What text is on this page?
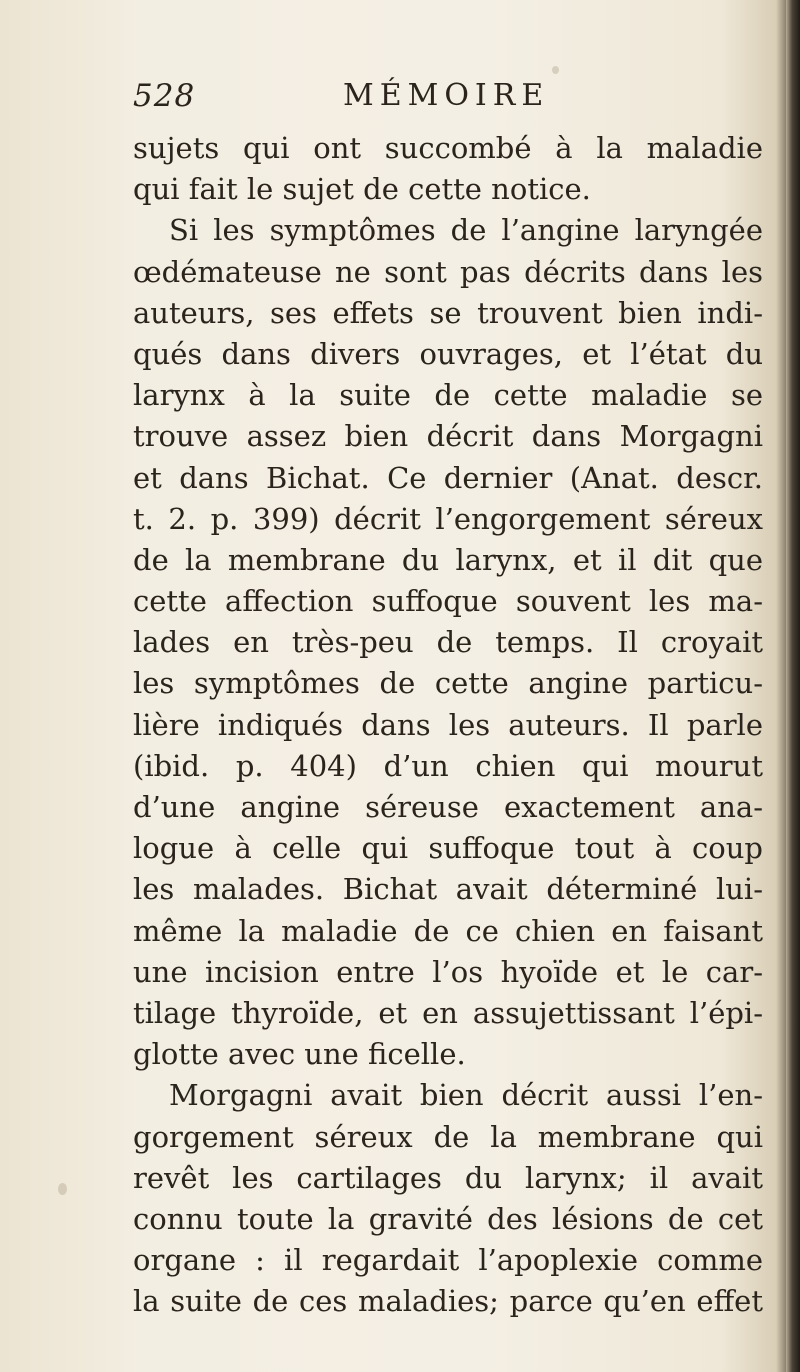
528	MÉMOIRE
sujets qui ont succombé à la maladie
qui fait le sujet de cette notice.
Si les symptômes de l’angine laryngée
œdémateuse ne sont pas décrits dans les
auteurs, ses effets se trouvent bien indi-
qués dans divers ouvrages, et l’état du
larynx à la suite de cette maladie se
trouve assez bien décrit dans Morgagni
et dans Bichat. Ce dernier (Anat. descr.
t. 2. p. 399) décrit l’engorgement séreux
de la membrane du larynx, et il dit que
cette affection suffoque souvent les ma-
lades en très-peu de temps. Il croyait
les symptômes de cette angine particu-
lière indiqués dans les auteurs. Il parle
(ibid. p. 404) d’un chien qui mourut
d’une angine séreuse exactement ana-
logue à celle qui suffoque tout à coup
les malades. Bichat avait déterminé lui-
même la maladie de ce chien en faisant
une incision entre l’os hyoïde et le car-
tilage thyroïde, et en assujettissant l’épi-
glotte avec une ficelle.
Morgagni avait bien décrit aussi l’en-
gorgement séreux de la membrane qui
revêt les cartilages du larynx; il avait
connu toute la gravité des lésions de cet
organe : il regardait l’apoplexie comme
la suite de ces maladies; parce qu’en effet
